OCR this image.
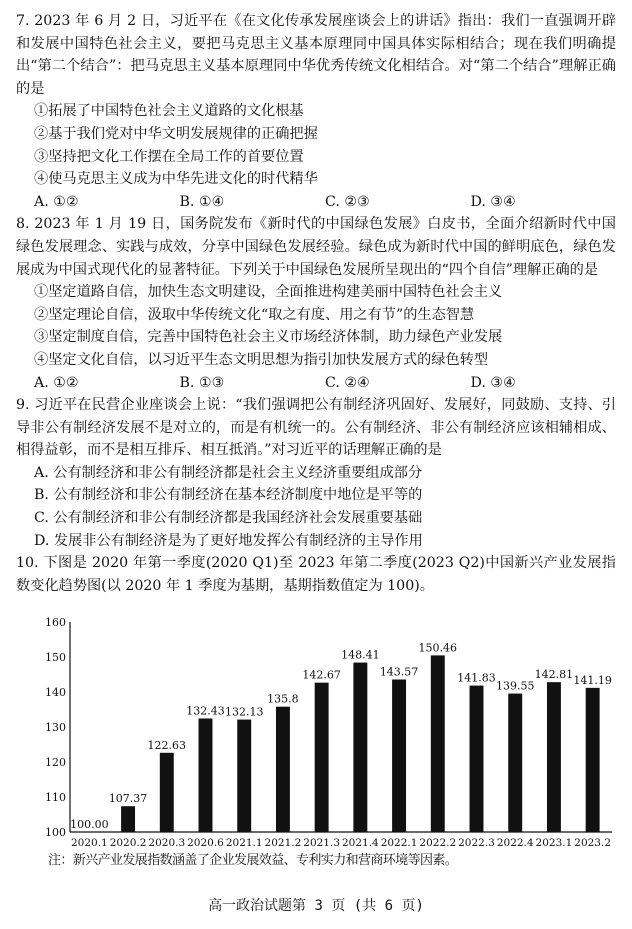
7. 2023 年 6 月 2 日，习近平在《在文化传承发展座谈会上的讲话》指出：我们一直强调开辟和发展中国特色社会主义，要把马克思主义基本原理同中国具体实际相结合；现在我们明确提出“第二个结合”：把马克思主义基本原理同中华优秀传统文化相结合。对“第二个结合”理解正确的是

①拓展了中国特色社会主义道路的文化根基
②基于我们党对中华文明发展规律的正确把握
③坚持把文化工作摆在全局工作的首要位置
④使马克思主义成为中华先进文化的时代精华
A. ①②	B. ①④	C. ②③	D. ③④

8. 2023 年 1 月 19 日，国务院发布《新时代的中国绿色发展》白皮书，全面介绍新时代中国绿色发展理念、实践与成效，分享中国绿色发展经验。绿色成为新时代中国的鲜明底色，绿色发展成为中国式现代化的显著特征。下列关于中国绿色发展所呈现出的“四个自信”理解正确的是

①坚定道路自信，加快生态文明建设，全面推进构建美丽中国特色社会主义
②坚定理论自信，汲取中华传统文化“取之有度、用之有节”的生态智慧
③坚定制度自信，完善中国特色社会主义市场经济体制，助力绿色产业发展
④坚定文化自信，以习近平生态文明思想为指引加快发展方式的绿色转型
A. ①②	B. ①③	C. ②④	D. ③④

9. 习近平在民营企业座谈会上说：“我们强调把公有制经济巩固好、发展好，同鼓励、支持、引导非公有制经济发展不是对立的，而是有机统一的。公有制经济、非公有制经济应该相辅相成、相得益彰，而不是相互排斥、相互抵消。”对习近平的话理解正确的是

A. 公有制经济和非公有制经济都是社会主义经济重要组成部分
B. 公有制经济和非公有制经济在基本经济制度中地位是平等的
C. 公有制经济和非公有制经济都是我国经济社会发展重要基础
D. 发展非公有制经济是为了更好地发挥公有制经济的主导作用

10. 下图是 2020 年第一季度(2020 Q1)至 2023 年第二季度(2023 Q2)中国新兴产业发展指数变化趋势图(以 2020 年 1 季度为基期，基期指数值定为 100)。

100
110
120
130
140
150
160
100.00
2020.1
107.37
2020.2
122.63
2020.3
132.43
2020.6
132.13
2021.1
135.8
2021.2
142.67
2021.3
148.41
2021.4
143.57
2022.1
150.46
2022.2
141.83
2022.3
139.55
2022.4
142.81
2023.1
141.19
2023.2
注：新兴产业发展指数涵盖了企业发展效益、专利实力和营商环境等因素。
高一政治试题第 3 页 (共 6 页)
